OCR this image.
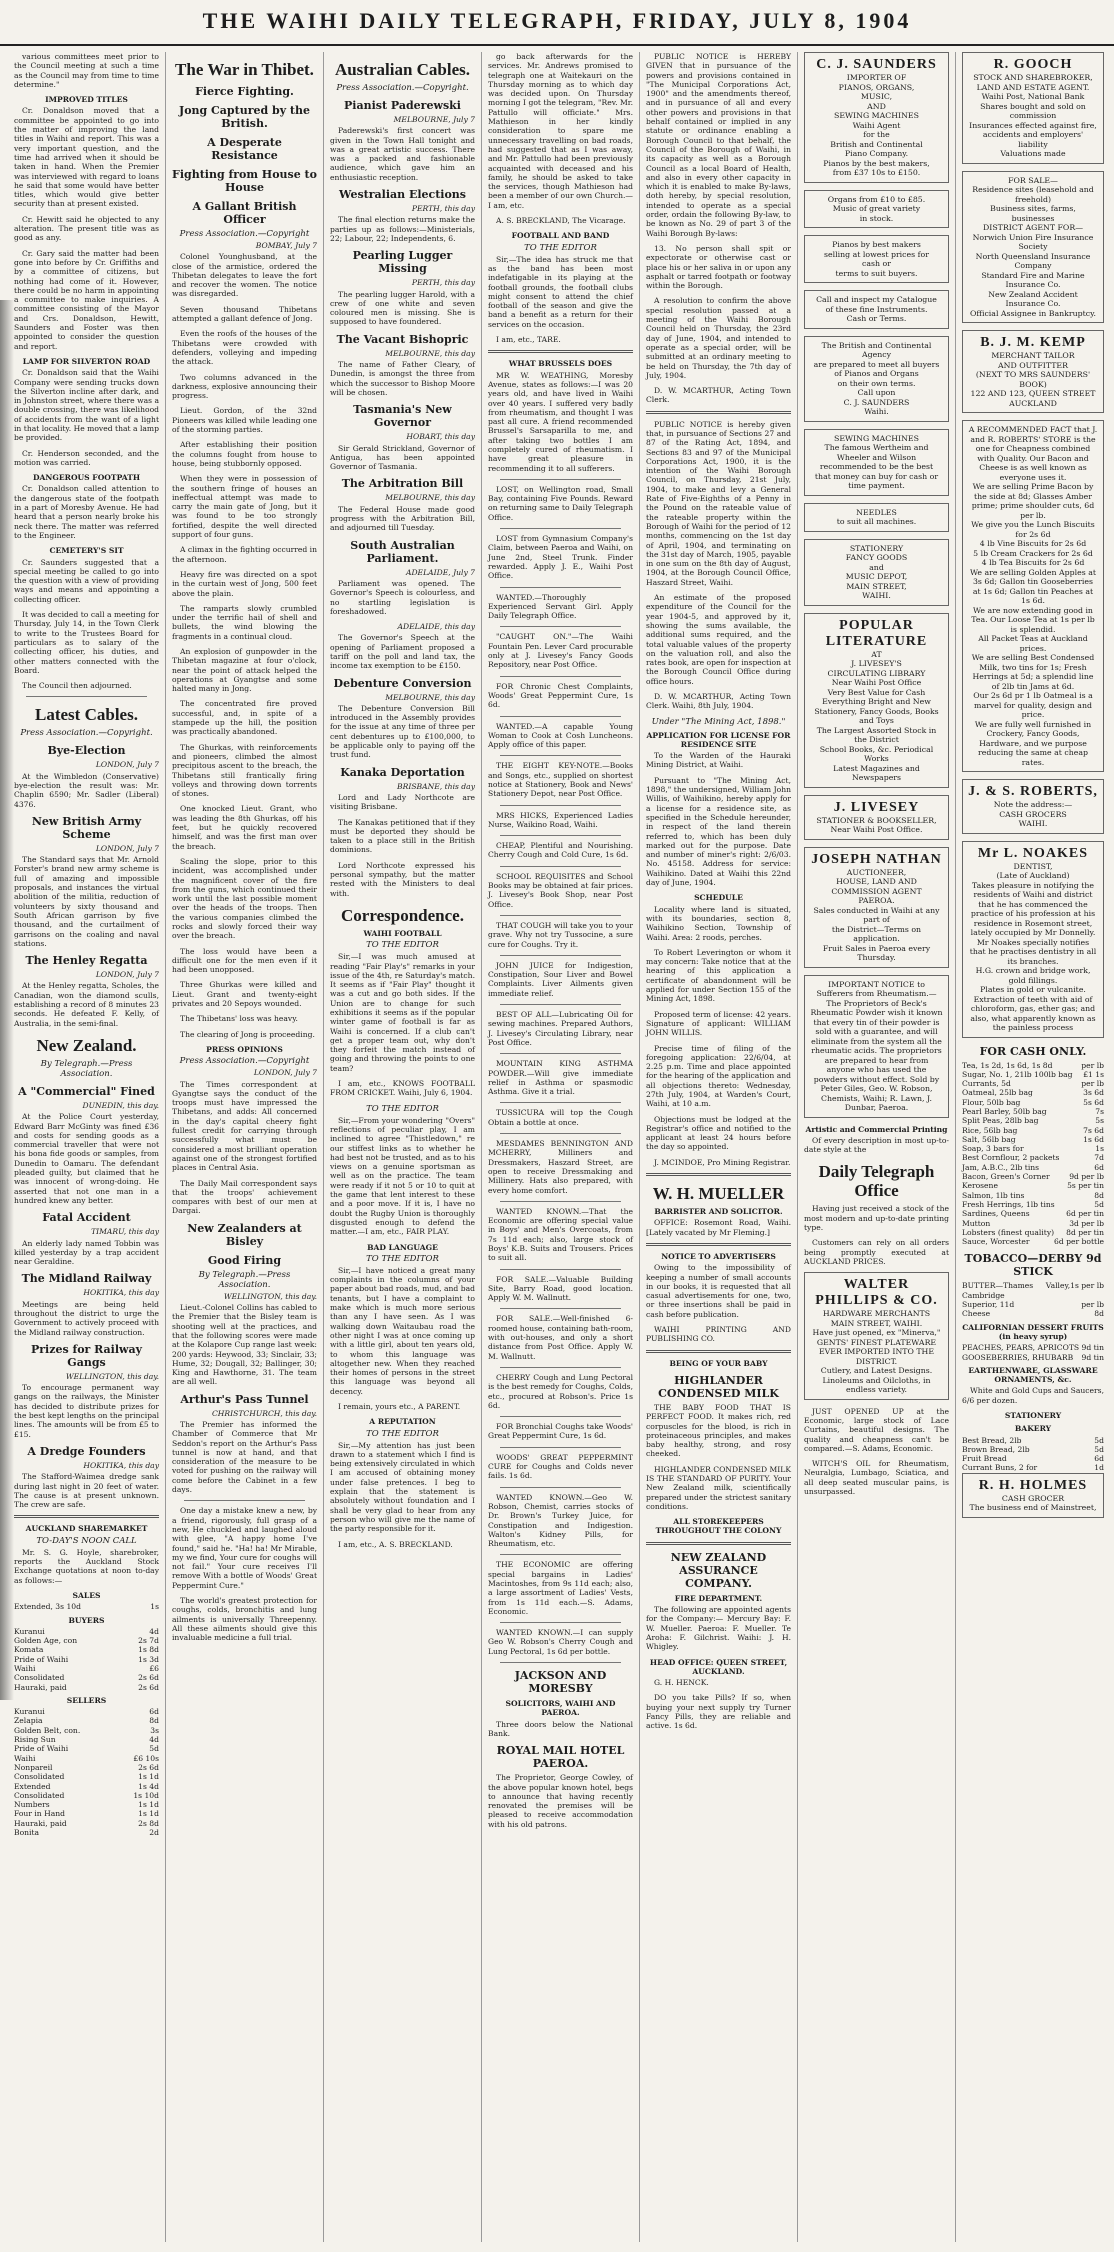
THE WAIHI DAILY TELEGRAPH, FRIDAY, JULY 8, 1904

various committees meet prior to the Council meeting at such a time as the Council may from time to time determine."

IMPROVED TITLES

Cr. Donaldson moved that a committee be appointed to go into the matter of improving the land titles in Waihi and report. This was a very important question, and the time had arrived when it should be taken in hand. When the Premier was interviewed with regard to loans he said that some would have better titles, which would give better security than at present existed.

Cr. Hewitt said he objected to any alteration. The present title was as good as any.

Cr. Gary said the matter had been gone into before by Cr. Griffiths and by a committee of citizens, but nothing had come of it. However, there could be no harm in appointing a committee to make inquiries. A committee consisting of the Mayor and Crs. Donaldson, Hewitt, Saunders and Foster was then appointed to consider the question and report.

LAMP FOR SILVERTON ROAD

Cr. Donaldson said that the Waihi Company were sending trucks down the Silverton incline after dark, and in Johnston street, where there was a double crossing, there was likelihood of accidents from the want of a light in that locality. He moved that a lamp be provided.

Cr. Henderson seconded, and the motion was carried.

DANGEROUS FOOTPATH

Cr. Donaldson called attention to the dangerous state of the footpath in a part of Moresby Avenue. He had heard that a person nearly broke his neck there. The matter was referred to the Engineer.

CEMETERY'S SIT

Cr. Saunders suggested that a special meeting be called to go into the question with a view of providing ways and means and appointing a collecting officer.

It was decided to call a meeting for Thursday, July 14, in the Town Clerk to write to the Trustees Board for particulars as to salary of the collecting officer, his duties, and other matters connected with the Board.

The Council then adjourned.

Latest Cables.
Press Association.—Copyright.
Bye-Election
LONDON, July 7

At the Wimbledon (Conservative) bye-election the result was: Mr. Chaplin 6590; Mr. Sadler (Liberal) 4376.

New British Army Scheme
LONDON, July 7

The Standard says that Mr. Arnold Forster's brand new army scheme is full of amazing and impossible proposals, and instances the virtual abolition of the militia, reduction of volunteers by sixty thousand and South African garrison by five thousand, and the curtailment of garrisons on the coaling and naval stations.

The Henley Regatta
LONDON, July 7

At the Henley regatta, Scholes, the Canadian, won the diamond sculls, establishing a record of 8 minutes 23 seconds. He defeated F. Kelly, of Australia, in the semi-final.

New Zealand.
By Telegraph.—Press Association.
A "Commercial" Fined
DUNEDIN, this day.

At the Police Court yesterday, Edward Barr McGinty was fined £36 and costs for sending goods as a commercial traveller that were not his bona fide goods or samples, from Dunedin to Oamaru. The defendant pleaded guilty, but claimed that he was innocent of wrong-doing. He asserted that not one man in a hundred knew any better.

Fatal Accident
TIMARU, this day

An elderly lady named Tobbin was killed yesterday by a trap accident near Geraldine.

The Midland Railway
HOKITIKA, this day

Meetings are being held throughout the district to urge the Government to actively proceed with the Midland railway construction.

Prizes for Railway Gangs
WELLINGTON, this day.

To encourage permanent way gangs on the railways, the Minister has decided to distribute prizes for the best kept lengths on the principal lines. The amounts will be from £5 to £15.

A Dredge Founders
HOKITIKA, this day

The Stafford-Waimea dredge sank during last night in 20 feet of water. The cause is at present unknown. The crew are safe.

AUCKLAND SHAREMARKET
TO-DAY'S NOON CALL

Mr. S. G. Hoyle, sharebroker, reports the Auckland Stock Exchange quotations at noon to-day as follows:—

SALES
Extended, 3s 10d	1s
BUYERS
Kuranui	4d
Golden Age, con	2s 7d
Komata	1s 8d
Pride of Waihi	1s 3d
Waihi	£6
Consolidated	2s 6d
Hauraki, paid	2s 6d
SELLERS
Kuranui	6d
Zelapia	8d
Golden Belt, con.	3s
Rising Sun	4d
Pride of Waihi	5d
Waihi	£6 10s
Nonpareil	2s 6d
Consolidated	1s 1d
Extended	1s 4d
Consolidated	1s 10d
Numbers	1s 1d
Four in Hand	1s 1d
Hauraki, paid	2s 8d
Bonita	2d
The War in Thibet.
Fierce Fighting.
Jong Captured by the British.
A Desperate Resistance
Fighting from House to House
A Gallant British Officer
Press Association.—Copyright
BOMBAY, July 7

Colonel Younghusband, at the close of the armistice, ordered the Thibetan delegates to leave the fort and recover the women. The notice was disregarded.

Seven thousand Thibetans attempted a gallant defence of Jong.

Even the roofs of the houses of the Thibetans were crowded with defenders, volleying and impeding the attack.

Two columns advanced in the darkness, explosive announcing their progress.

Lieut. Gordon, of the 32nd Pioneers was killed while leading one of the storming parties.

After establishing their position the columns fought from house to house, being stubbornly opposed.

When they were in possession of the southern fringe of houses an ineffectual attempt was made to carry the main gate of Jong, but it was found to be too strongly fortified, despite the well directed support of four guns.

A climax in the fighting occurred in the afternoon.

Heavy fire was directed on a spot in the curtain west of Jong, 500 feet above the plain.

The ramparts slowly crumbled under the terrific hail of shell and bullets, the wind blowing the fragments in a continual cloud.

An explosion of gunpowder in the Thibetan magazine at four o'clock, near the point of attack helped the operations at Gyangtse and some halted many in Jong.

The concentrated fire proved successful, and, in spite of a stampede up the hill, the position was practically abandoned.

The Ghurkas, with reinforcements and pioneers, climbed the almost precipitous ascent to the breach, the Thibetans still frantically firing volleys and throwing down torrents of stones.

One knocked Lieut. Grant, who was leading the 8th Ghurkas, off his feet, but he quickly recovered himself, and was the first man over the breach.

Scaling the slope, prior to this incident, was accomplished under the magnificent cover of the fire from the guns, which continued their work until the last possible moment over the heads of the troops. Then the various companies climbed the rocks and slowly forced their way over the breach.

The loss would have been a difficult one for the men even if it had been unopposed.

Three Ghurkas were killed and Lieut. Grant and twenty-eight privates and 20 Sepoys wounded.

The Thibetans' loss was heavy.

The clearing of Jong is proceeding.

PRESS OPINIONS
Press Association.—Copyright
LONDON, July 7

The Times correspondent at Gyangtse says the conduct of the troops must have impressed the Thibetans, and adds: All concerned in the day's capital cheery fight fullest credit for carrying through successfully what must be considered a most brilliant operation against one of the strongest fortified places in Central Asia.

The Daily Mail correspondent says that the troops' achievement compares with best of our men at Dargai.

New Zealanders at Bisley
Good Firing
By Telegraph.—Press Association.
WELLINGTON, this day.

Lieut.-Colonel Collins has cabled to the Premier that the Bisley team is shooting well at the practices, and that the following scores were made at the Kolapore Cup range last week: 200 yards: Heywood, 33; Sinclair, 33; Hume, 32; Dougall, 32; Ballinger, 30; King and Hawthorne, 31. The team are all well.

Arthur's Pass Tunnel
CHRISTCHURCH, this day.

The Premier has informed the Chamber of Commerce that Mr Seddon's report on the Arthur's Pass tunnel is now at hand, and that consideration of the measure to be voted for pushing on the railway will come before the Cabinet in a few days.

One day a mistake knew a new, by a friend, rigorously, full grasp of a new, He chuckled and laughed aloud with glee, "A happy home I've found," said he. "Ha! ha! Mr Mirable, my we find, Your cure for coughs will not fail." Your cure receives I'll remove With a bottle of Woods' Great Peppermint Cure."

The world's greatest protection for coughs, colds, bronchitis and lung ailments is universally Threepenny. All these ailments should give this invaluable medicine a full trial.

Australian Cables.
Press Association.—Copyright.
Pianist Paderewski
MELBOURNE, July 7

Paderewski's first concert was given in the Town Hall tonight and was a great artistic success. There was a packed and fashionable audience, which gave him an enthusiastic reception.

Westralian Elections
PERTH, this day

The final election returns make the parties up as follows:—Ministerials, 22; Labour, 22; Independents, 6.

Pearling Lugger Missing
PERTH, this day

The pearling lugger Harold, with a crew of one white and seven coloured men is missing. She is supposed to have foundered.

The Vacant Bishopric
MELBOURNE, this day

The name of Father Cleary, of Dunedin, is amongst the three from which the successor to Bishop Moore will be chosen.

Tasmania's New Governor
HOBART, this day

Sir Gerald Strickland, Governor of Antigua, has been appointed Governor of Tasmania.

The Arbitration Bill
MELBOURNE, this day

The Federal House made good progress with the Arbitration Bill, and adjourned till Tuesday.

South Australian Parliament.
ADELAIDE, July 7

Parliament was opened. The Governor's Speech is colourless, and no startling legislation is foreshadowed.

ADELAIDE, this day

The Governor's Speech at the opening of Parliament proposed a tariff on the poll and land tax, the income tax exemption to be £150.

Debenture Conversion
MELBOURNE, this day

The Debenture Conversion Bill introduced in the Assembly provides for the issue at any time of three per cent debentures up to £100,000, to be applicable only to paying off the trust fund.

Kanaka Deportation
BRISBANE, this day

Lord and Lady Northcote are visiting Brisbane.

The Kanakas petitioned that if they must be deported they should be taken to a place still in the British dominions.

Lord Northcote expressed his personal sympathy, but the matter rested with the Ministers to deal with.

Correspondence.
WAIHI FOOTBALL
TO THE EDITOR

Sir,—I was much amused at reading "Fair Play's" remarks in your issue of the 4th, re Saturday's match. It seems as if "Fair Play" thought it was a cut and go both sides. If the Union are to change for such exhibitions it seems as if the popular winter game of football is far as Waihi is concerned. If a club can't get a proper team out, why don't they forfeit the match instead of going and throwing the points to one team?

I am, etc., KNOWS FOOTBALL FROM CRICKET. Waihi, July 6, 1904.

TO THE EDITOR

Sir,—From your wondering "Overs" reflections of peculiar play, I am inclined to agree "Thistledown," re our stiffest links as to whether he had best not be trusted, and as to his views on a genuine sportsman as well as on the practice. The team were ready if it not 5 or 10 to quit at the game that lent interest to these and a poor move. If it is, I have no doubt the Rugby Union is thoroughly disgusted enough to defend the matter.—I am, etc., FAIR PLAY.

BAD LANGUAGE
TO THE EDITOR

Sir,—I have noticed a great many complaints in the columns of your paper about bad roads, mud, and bad tenants, but I have a complaint to make which is much more serious than any I have seen. As I was walking down Waitaubau road the other night I was at once coming up with a little girl, about ten years old, to whom this language was altogether new. When they reached their homes of persons in the street this language was beyond all decency.

I remain, yours etc., A PARENT.

A REPUTATION
TO THE EDITOR

Sir,—My attention has just been drawn to a statement which I find is being extensively circulated in which I am accused of obtaining money under false pretences. I beg to explain that the statement is absolutely without foundation and I shall be very glad to hear from any person who will give me the name of the party responsible for it.

I am, etc., A. S. BRECKLAND.

go back afterwards for the services. Mr. Andrews promised to telegraph one at Waitekauri on the Thursday morning as to which day was decided upon. On Thursday morning I got the telegram, "Rev. Mr. Pattullo will officiate." Mrs. Mathieson in her kindly consideration to spare me unnecessary travelling on bad roads, had suggested that as I was away, and Mr. Pattullo had been previously acquainted with deceased and his family, he should be asked to take the services, though Mathieson had been a member of our own Church.—I am, etc.

A. S. BRECKLAND, The Vicarage.

FOOTBALL AND BAND
TO THE EDITOR

Sir,—The idea has struck me that as the band has been most indefatigable in its playing at the football grounds, the football clubs might consent to attend the chief football of the season and give the band a benefit as a return for their services on the occasion.

I am, etc., TARE.

WHAT BRUSSELS DOES

MR W. WEATHING, Moresby Avenue, states as follows:—I was 20 years old, and have lived in Waihi over 40 years. I suffered very badly from rheumatism, and thought I was past all cure. A friend recommended Brussel's Sarsaparilla to me, and after taking two bottles I am completely cured of rheumatism. I have great pleasure in recommending it to all sufferers.

LOST, on Wellington road, Small Bay, containing Five Pounds. Reward on returning same to Daily Telegraph Office.

LOST from Gymnasium Company's Claim, between Paeroa and Waihi, on June 2nd, Steel Trunk. Finder rewarded. Apply J. E., Waihi Post Office.

WANTED.—Thoroughly Experienced Servant Girl. Apply Daily Telegraph Office.

"CAUGHT ON."—The Waihi Fountain Pen. Lever Card procurable only at J. Livesey's Fancy Goods Repository, near Post Office.

FOR Chronic Chest Complaints, Woods' Great Peppermint Cure, 1s 6d.

WANTED.—A capable Young Woman to Cook at Cosh Luncheons. Apply office of this paper.

THE EIGHT KEY-NOTE.—Books and Songs, etc., supplied on shortest notice at Stationery, Book and News' Stationery Depot, near Post Office.

MRS HICKS, Experienced Ladies Nurse, Waikino Road, Waihi.

CHEAP, Plentiful and Nourishing. Cherry Cough and Cold Cure, 1s 6d.

SCHOOL REQUISITES and School Books may be obtained at fair prices. J. Livesey's Book Shop, near Post Office.

THAT COUGH will take you to your grave. Why not try Tussocine, a sure cure for Coughs. Try it.

JOHN JUICE for Indigestion, Constipation, Sour Liver and Bowel Complaints. Liver Ailments given immediate relief.

BEST OF ALL—Lubricating Oil for sewing machines. Prepared Authors, J. Livesey's Circulating Library, near Post Office.

MOUNTAIN KING ASTHMA POWDER.—Will give immediate relief in Asthma or spasmodic Asthma. Give it a trial.

TUSSICURA will top the Cough Obtain a bottle at once.

MESDAMES BENNINGTON AND MCHERRY, Milliners and Dressmakers, Haszard Street, are open to receive Dressmaking and Millinery. Hats also prepared, with every home comfort.

WANTED KNOWN.—That the Economic are offering special value in Boys' and Men's Overcoats, from 7s 11d each; also, large stock of Boys' K.B. Suits and Trousers. Prices to suit all.

FOR SALE.—Valuable Building Site, Barry Road, good location. Apply W. M. Wallnutt.

FOR SALE.—Well-finished 6-roomed house, containing bath-room, with out-houses, and only a short distance from Post Office. Apply W. M. Wallnutt.

CHERRY Cough and Lung Pectoral is the best remedy for Coughs, Colds, etc., procured at Robson's. Price 1s 6d.

FOR Bronchial Coughs take Woods' Great Peppermint Cure, 1s 6d.

WOODS' GREAT PEPPERMINT CURE for Coughs and Colds never fails. 1s 6d.

WANTED KNOWN.—Geo W. Robson, Chemist, carries stocks of Dr. Brown's Turkey Juice, for Constipation and Indigestion. Walton's Kidney Pills, for Rheumatism, etc.

THE ECONOMIC are offering special bargains in Ladies' Macintoshes, from 9s 11d each; also, a large assortment of Ladies' Vests, from 1s 11d each.—S. Adams, Economic.

WANTED KNOWN.—I can supply Geo W. Robson's Cherry Cough and Lung Pectoral, 1s 6d per bottle.

JACKSON AND MORESBY
SOLICITORS, WAIHI AND PAEROA.

Three doors below the National Bank.

ROYAL MAIL HOTEL PAEROA.

The Proprietor, George Cowley, of the above popular known hotel, begs to announce that having recently renovated the premises will be pleased to receive accommodation with his old patrons.

PUBLIC NOTICE is HEREBY GIVEN that in pursuance of the powers and provisions contained in "The Municipal Corporations Act, 1900" and the amendments thereof, and in pursuance of all and every other powers and provisions in that behalf contained or implied in any statute or ordinance enabling a Borough Council to that behalf, the Council of the Borough of Waihi, in its capacity as well as a Borough Council as a local Board of Health, and also in every other capacity in which it is enabled to make By-laws, doth hereby, by special resolution, intended to operate as a special order, ordain the following By-law, to be known as No. 29 of part 3 of the Waihi Borough By-laws:

13. No person shall spit or expectorate or otherwise cast or place his or her saliva in or upon any asphalt or tarred footpath or footway within the Borough.

A resolution to confirm the above special resolution passed at a meeting of the Waihi Borough Council held on Thursday, the 23rd day of June, 1904, and intended to operate as a special order, will be submitted at an ordinary meeting to be held on Thursday, the 7th day of July, 1904.

D. W. MCARTHUR, Acting Town Clerk.

PUBLIC NOTICE is hereby given that, in pursuance of Sections 27 and 87 of the Rating Act, 1894, and Sections 83 and 97 of the Municipal Corporations Act, 1900, it is the intention of the Waihi Borough Council, on Thursday, 21st July, 1904, to make and levy a General Rate of Five-Eighths of a Penny in the Pound on the rateable value of the rateable property within the Borough of Waihi for the period of 12 months, commencing on the 1st day of April, 1904, and terminating on the 31st day of March, 1905, payable in one sum on the 8th day of August, 1904, at the Borough Council Office, Haszard Street, Waihi.

An estimate of the proposed expenditure of the Council for the year 1904-5, and approved by it, showing the sums available, the additional sums required, and the total valuable values of the property on the valuation roll, and also the rates book, are open for inspection at the Borough Council Office during office hours.

D. W. MCARTHUR, Acting Town Clerk. Waihi, 8th July, 1904.

Under "The Mining Act, 1898."
APPLICATION FOR LICENSE FOR RESIDENCE SITE

To the Warden of the Hauraki Mining District, at Waihi.

Pursuant to "The Mining Act, 1898," the undersigned, William John Willis, of Waihikino, hereby apply for a license for a residence site, as specified in the Schedule hereunder, in respect of the land therein referred to, which has been duly marked out for the purpose. Date and number of miner's right: 2/6/03. No. 45158. Address for service: Waihikino. Dated at Waihi this 22nd day of June, 1904.

SCHEDULE

Locality where land is situated, with its boundaries, section 8, Waihikino Section, Township of Waihi. Area: 2 roods, perches.

To Robert Leverington or whom it may concern: Take notice that at the hearing of this application a certificate of abandonment will be applied for under Section 155 of the Mining Act, 1898.

Proposed term of license: 42 years. Signature of applicant: WILLIAM JOHN WILLIS.

Precise time of filing of the foregoing application: 22/6/04, at 2.25 p.m. Time and place appointed for the hearing of the application and all objections thereto: Wednesday, 27th July, 1904, at Warden's Court, Waihi, at 10 a.m.

Objections must be lodged at the Registrar's office and notified to the applicant at least 24 hours before the day so appointed.

J. MCINDOE, Pro Mining Registrar.

W. H. MUELLER
BARRISTER AND SOLICITOR.

OFFICE: Rosemont Road, Waihi. [Lately vacated by Mr Fleming.]

NOTICE TO ADVERTISERS

Owing to the impossibility of keeping a number of small accounts in our books, it is requested that all casual advertisements for one, two, or three insertions shall be paid in cash before publication.

WAIHI PRINTING AND PUBLISHING CO.

BEING OF YOUR BABY
HIGHLANDER CONDENSED MILK

THE BABY FOOD THAT IS PERFECT FOOD. It makes rich, red corpuscles for the blood, is rich in proteinaceous principles, and makes baby healthy, strong, and rosy cheeked.

HIGHLANDER CONDENSED MILK IS THE STANDARD OF PURITY. Your New Zealand milk, scientifically prepared under the strictest sanitary conditions.

ALL STOREKEEPERS THROUGHOUT THE COLONY
NEW ZEALAND ASSURANCE COMPANY.
FIRE DEPARTMENT.

The following are appointed agents for the Company:— Mercury Bay: F. W. Mueller. Paeroa: F. Mueller. Te Aroha: F. Gilchrist. Waihi: J. H. Whigley.

HEAD OFFICE: QUEEN STREET, AUCKLAND.

G. H. HENCK.

DO you take Pills? If so, when buying your next supply try Turner Fancy Pills, they are reliable and active. 1s 6d.

C. J. SAUNDERS
IMPORTER OF
PIANOS, ORGANS,
MUSIC,
AND
SEWING MACHINES
Waihi Agent
for the
British and Continental
Piano Company.
Pianos by the best makers,
from £37 10s to £150.
Organs from £10 to £85.
Music of great variety
in stock.
Pianos by best makers
selling at lowest prices for
cash or
terms to suit buyers.
Call and inspect my Catalogue
of these fine Instruments.
Cash or Terms.
The British and Continental
Agency
are prepared to meet all buyers
of Pianos and Organs
on their own terms.
Call upon
C. J. SAUNDERS
Waihi.
SEWING MACHINES
The famous Wertheim and
Wheeler and Wilson recommended to be the best
that money can buy for cash or
time payment.
NEEDLES
to suit all machines.
STATIONERY
FANCY GOODS
and
MUSIC DEPOT,
MAIN STREET,
WAIHI.
POPULAR LITERATURE
AT
J. LIVESEY'S
CIRCULATING LIBRARY
Near Waihi Post Office
Very Best Value for Cash
Everything Bright and New
Stationery, Fancy Goods, Books and Toys
The Largest Assorted Stock in the District
School Books, &c. Periodical Works
Latest Magazines and Newspapers
J. LIVESEY
STATIONER & BOOKSELLER,
Near Waihi Post Office.
JOSEPH NATHAN
AUCTIONEER,
HOUSE, LAND AND COMMISSION AGENT
PAEROA.
Sales conducted in Waihi at any part of
the District—Terms on application.
Fruit Sales in Paeroa every Thursday.
IMPORTANT NOTICE to Sufferers from Rheumatism.—The Proprietors of Beck's Rheumatic Powder wish it known that every tin of their powder is sold with a guarantee, and will eliminate from the system all the rheumatic acids. The proprietors are prepared to hear from anyone who has used the powders without effect. Sold by Peter Giles, Geo. W. Robson, Chemists, Waihi; R. Lawn, J. Dunbar, Paeroa.
Artistic and Commercial Printing

Of every description in most up-to-date style at the

Daily Telegraph Office

Having just received a stock of the most modern and up-to-date printing type.

Customers can rely on all orders being promptly executed at AUCKLAND PRICES.

WALTER PHILLIPS & CO.
HARDWARE MERCHANTS
MAIN STREET, WAIHI.
Have just opened, ex "Minerva,"
GENTS' FINEST PLATEWARE
EVER IMPORTED INTO THE DISTRICT.
Cutlery, and Latest Designs. Linoleums and Oilcloths, in endless variety.

JUST OPENED UP at the Economic, large stock of Lace Curtains, beautiful designs. The quality and cheapness can't be compared.—S. Adams, Economic.

WITCH'S OIL for Rheumatism, Neuralgia, Lumbago, Sciatica, and all deep seated muscular pains, is unsurpassed.

R. GOOCH
STOCK AND SHAREBROKER, LAND AND ESTATE AGENT.
Waihi Post, National Bank
Shares bought and sold on commission
Insurances effected against fire, accidents and employers' liability
Valuations made
FOR SALE—
Residence sites (leasehold and freehold)
Business sites, farms, businesses
DISTRICT AGENT FOR—
Norwich Union Fire Insurance Society
North Queensland Insurance Company
Standard Fire and Marine Insurance Co.
New Zealand Accident Insurance Co.
Official Assignee in Bankruptcy.
B. J. M. KEMP
MERCHANT TAILOR
AND OUTFITTER
(NEXT TO MRS SAUNDERS' BOOK)
122 AND 123, QUEEN STREET
AUCKLAND
A RECOMMENDED FACT that J. and R. ROBERTS' STORE is the one for Cheapness combined with Quality. Our Bacon and Cheese is as well known as everyone uses it.
We are selling Prime Bacon by the side at 8d; Glasses Amber prime; prime shoulder cuts, 6d per lb.
We give you the Lunch Biscuits for 2s 6d
4 lb Vine Biscuits for 2s 6d
5 lb Cream Crackers for 2s 6d
4 lb Tea Biscuits for 2s 6d
We are selling Golden Apples at 3s 6d; Gallon tin Gooseberries at 1s 6d; Gallon tin Peaches at 1s 6d.
We are now extending good in Tea. Our Loose Tea at 1s per lb is splendid.
All Packet Teas at Auckland prices.
We are selling Best Condensed Milk, two tins for 1s; Fresh Herrings at 5d; a splendid line of 2lb tin Jams at 6d.
Our 2s 6d pr 1 lb Oatmeal is a marvel for quality, design and price.
We are fully well furnished in Crockery, Fancy Goods, Hardware, and we purpose reducing the same at cheap rates.
J. & S. ROBERTS,
Note the address:—
CASH GROCERS
WAIHI.
Mr L. NOAKES
DENTIST,
(Late of Auckland)
Takes pleasure in notifying the residents of Waihi and district that he has commenced the practice of his profession at his residence in Rosemont street, lately occupied by Mr Donnelly.
Mr Noakes specially notifies that he practises dentistry in all its branches.
H.G. crown and bridge work, gold fillings.
Plates in gold or vulcanite.
Extraction of teeth with aid of chloroform, gas, ether gas; and also, what apparently known as the painless process
FOR CASH ONLY.
Tea, 1s 2d, 1s 6d, 1s 8d	per lb
Sugar, No. 1, 21lb 100lb bag £1 1s
Currants, 5d	per lb
Oatmeal, 25lb bag	3s 6d
Flour, 50lb bag	5s 6d
Pearl Barley, 50lb bag	7s
Split Peas, 28lb bag	5s
Rice, 56lb bag	7s 6d
Salt, 56lb bag	1s 6d
Soap, 3 bars for	1s
Best Cornflour, 2 packets	7d
Jam, A.B.C., 2lb tins	6d
Bacon, Green's Corner	9d per lb
Kerosene	5s per tin
Salmon, 1lb tins	8d
Fresh Herrings, 1lb tins	5d
Sardines, Queens	6d per tin
Mutton	3d per lb
Lobsters (finest quality) 8d per tin
Sauce, Worcester	6d per bottle
TOBACCO—DERBY 9d STICK
BUTTER—Thames Valley, Cambridge
1s per lb
Superior, 11d	per lb
Cheese	8d
CALIFORNIAN DESSERT FRUITS (in heavy syrup)
PEACHES, PEARS, APRICOTS 9d tin
GOOSEBERRIES, RHUBARB 9d tin
EARTHENWARE, GLASSWARE ORNAMENTS, &c.

White and Gold Cups and Saucers, 6/6 per dozen.

STATIONERY
BAKERY
Best Bread, 2lb	5d
Brown Bread, 2lb	5d
Fruit Bread	6d
Currant Buns, 2 for	1d
R. H. HOLMES
CASH GROCER
The business end of Mainstreet,
